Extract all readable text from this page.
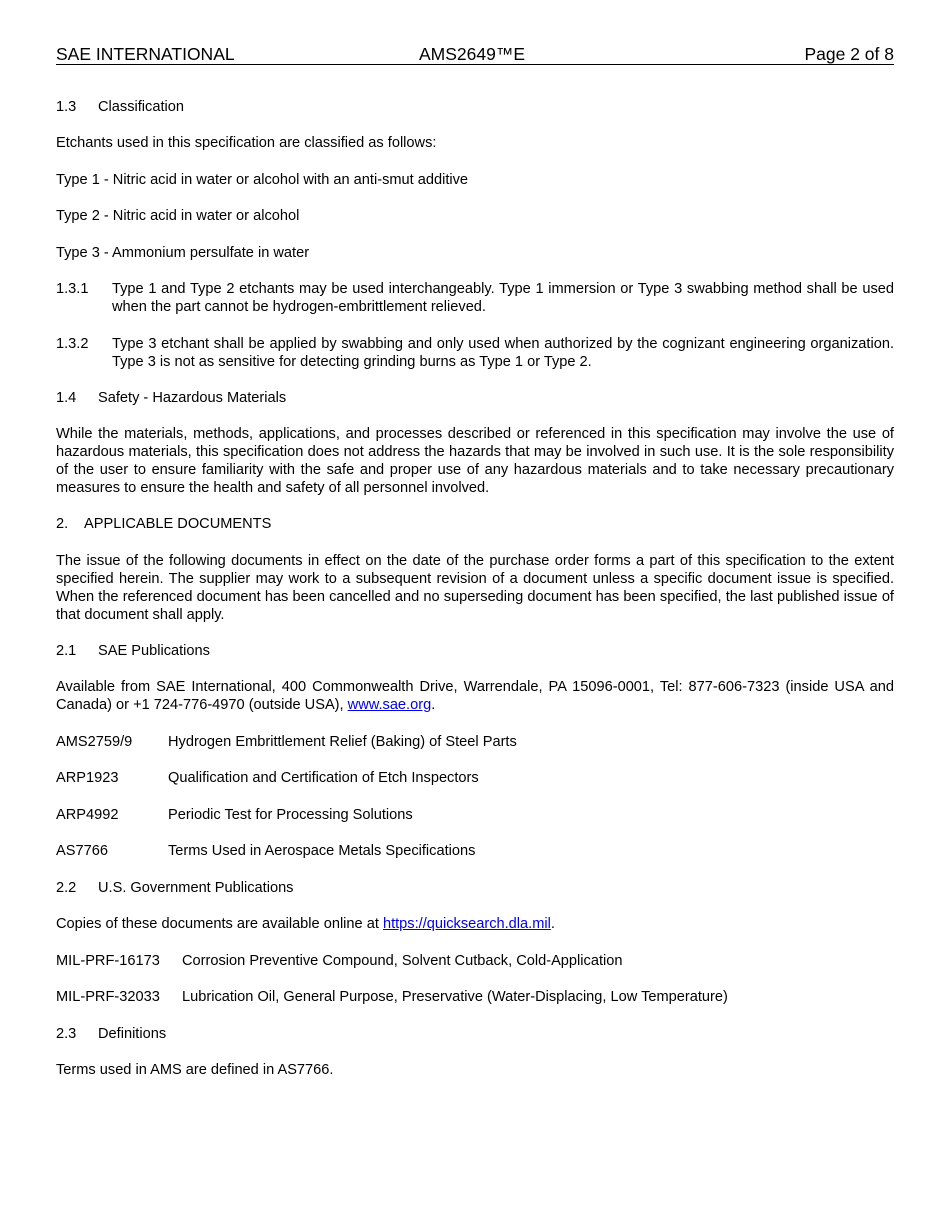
SAE INTERNATIONAL	AMS2649™E	Page 2 of 8
1.3 Classification
Etchants used in this specification are classified as follows:
Type 1 - Nitric acid in water or alcohol with an anti-smut additive
Type 2 - Nitric acid in water or alcohol
Type 3 - Ammonium persulfate in water
1.3.1 Type 1 and Type 2 etchants may be used interchangeably. Type 1 immersion or Type 3 swabbing method shall be used when the part cannot be hydrogen-embrittlement relieved.
1.3.2 Type 3 etchant shall be applied by swabbing and only used when authorized by the cognizant engineering organization. Type 3 is not as sensitive for detecting grinding burns as Type 1 or Type 2.
1.4 Safety - Hazardous Materials
While the materials, methods, applications, and processes described or referenced in this specification may involve the use of hazardous materials, this specification does not address the hazards that may be involved in such use. It is the sole responsibility of the user to ensure familiarity with the safe and proper use of any hazardous materials and to take necessary precautionary measures to ensure the health and safety of all personnel involved.
2. APPLICABLE DOCUMENTS
The issue of the following documents in effect on the date of the purchase order forms a part of this specification to the extent specified herein. The supplier may work to a subsequent revision of a document unless a specific document issue is specified. When the referenced document has been cancelled and no superseding document has been specified, the last published issue of that document shall apply.
2.1 SAE Publications
Available from SAE International, 400 Commonwealth Drive, Warrendale, PA 15096-0001, Tel: 877-606-7323 (inside USA and Canada) or +1 724-776-4970 (outside USA), www.sae.org.
AMS2759/9 Hydrogen Embrittlement Relief (Baking) of Steel Parts
ARP1923	Qualification and Certification of Etch Inspectors
ARP4992	Periodic Test for Processing Solutions
AS7766	Terms Used in Aerospace Metals Specifications
2.2 U.S. Government Publications
Copies of these documents are available online at https://quicksearch.dla.mil.
MIL-PRF-16173 Corrosion Preventive Compound, Solvent Cutback, Cold-Application
MIL-PRF-32033 Lubrication Oil, General Purpose, Preservative (Water-Displacing, Low Temperature)
2.3 Definitions
Terms used in AMS are defined in AS7766.
